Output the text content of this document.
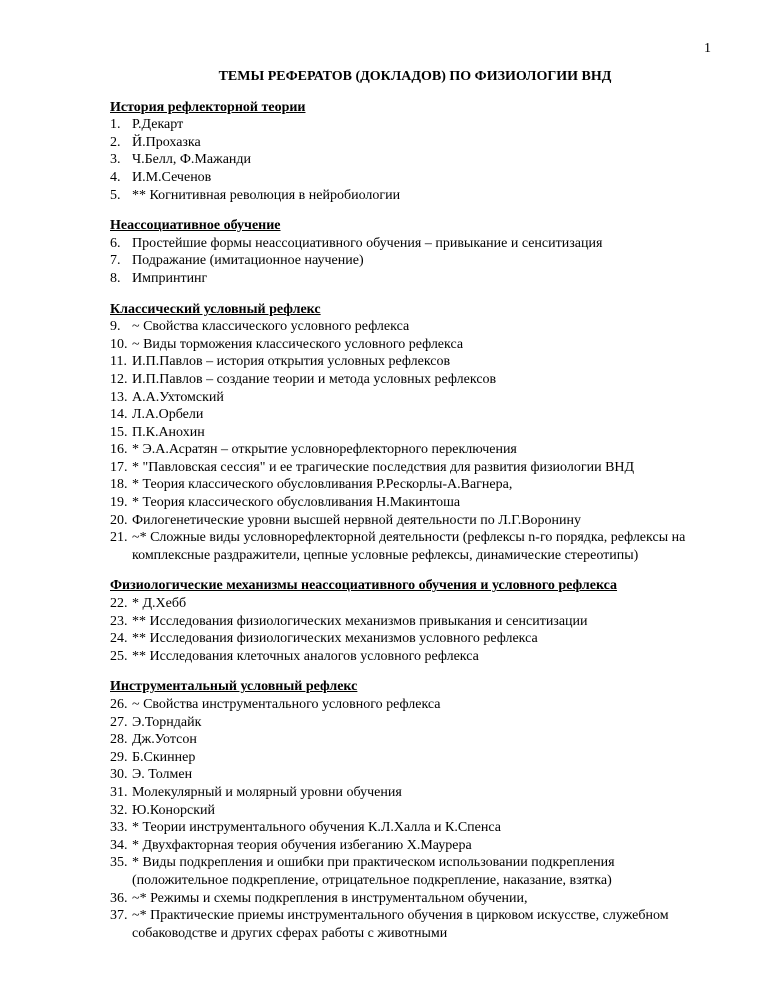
1
ТЕМЫ РЕФЕРАТОВ (ДОКЛАДОВ) ПО ФИЗИОЛОГИИ ВНД
История рефлекторной теории
1. Р.Декарт
2. Й.Прохазка
3. Ч.Белл, Ф.Мажанди
4. И.М.Сеченов
5. ** Когнитивная революция в нейробиологии
Неассоциативное обучение
6. Простейшие формы неассоциативного обучения – привыкание и сенситизация
7. Подражание (имитационное научение)
8. Импринтинг
Классический условный рефлекс
9. ~ Свойства классического условного рефлекса
10. ~ Виды торможения классического условного рефлекса
11. И.П.Павлов – история открытия условных рефлексов
12. И.П.Павлов – создание теории и метода условных рефлексов
13. А.А.Ухтомский
14. Л.А.Орбели
15. П.К.Анохин
16. * Э.А.Асратян – открытие условнорефлекторного переключения
17. * "Павловская сессия" и ее трагические последствия для развития физиологии ВНД
18. * Теория классического обусловливания Р.Рескорлы-А.Вагнера,
19. * Теория классического обусловливания Н.Макинтоша
20. Филогенетические уровни высшей нервной деятельности по Л.Г.Воронину
21. ~* Сложные виды условнорефлекторной деятельности (рефлексы n-го порядка, рефлексы на комплексные раздражители, цепные условные рефлексы, динамические стереотипы)
Физиологические механизмы неассоциативного обучения и условного рефлекса
22. * Д.Хебб
23. ** Исследования физиологических механизмов привыкания и сенситизации
24. ** Исследования физиологических механизмов условного рефлекса
25. ** Исследования клеточных аналогов условного рефлекса
Инструментальный условный рефлекс
26. ~ Свойства инструментального условного рефлекса
27. Э.Торндайк
28. Дж.Уотсон
29. Б.Скиннер
30. Э. Толмен
31. Молекулярный и молярный уровни обучения
32. Ю.Конорский
33. * Теории инструментального обучения К.Л.Халла и К.Спенса
34. * Двухфакторная теория обучения избеганию Х.Маурера
35. * Виды подкрепления и ошибки при практическом использовании подкрепления (положительное подкрепление, отрицательное подкрепление, наказание, взятка)
36. ~* Режимы и схемы подкрепления в инструментальном обучении,
37. ~* Практические приемы инструментального обучения в цирковом искусстве, служебном собаководстве и других сферах работы с животными
